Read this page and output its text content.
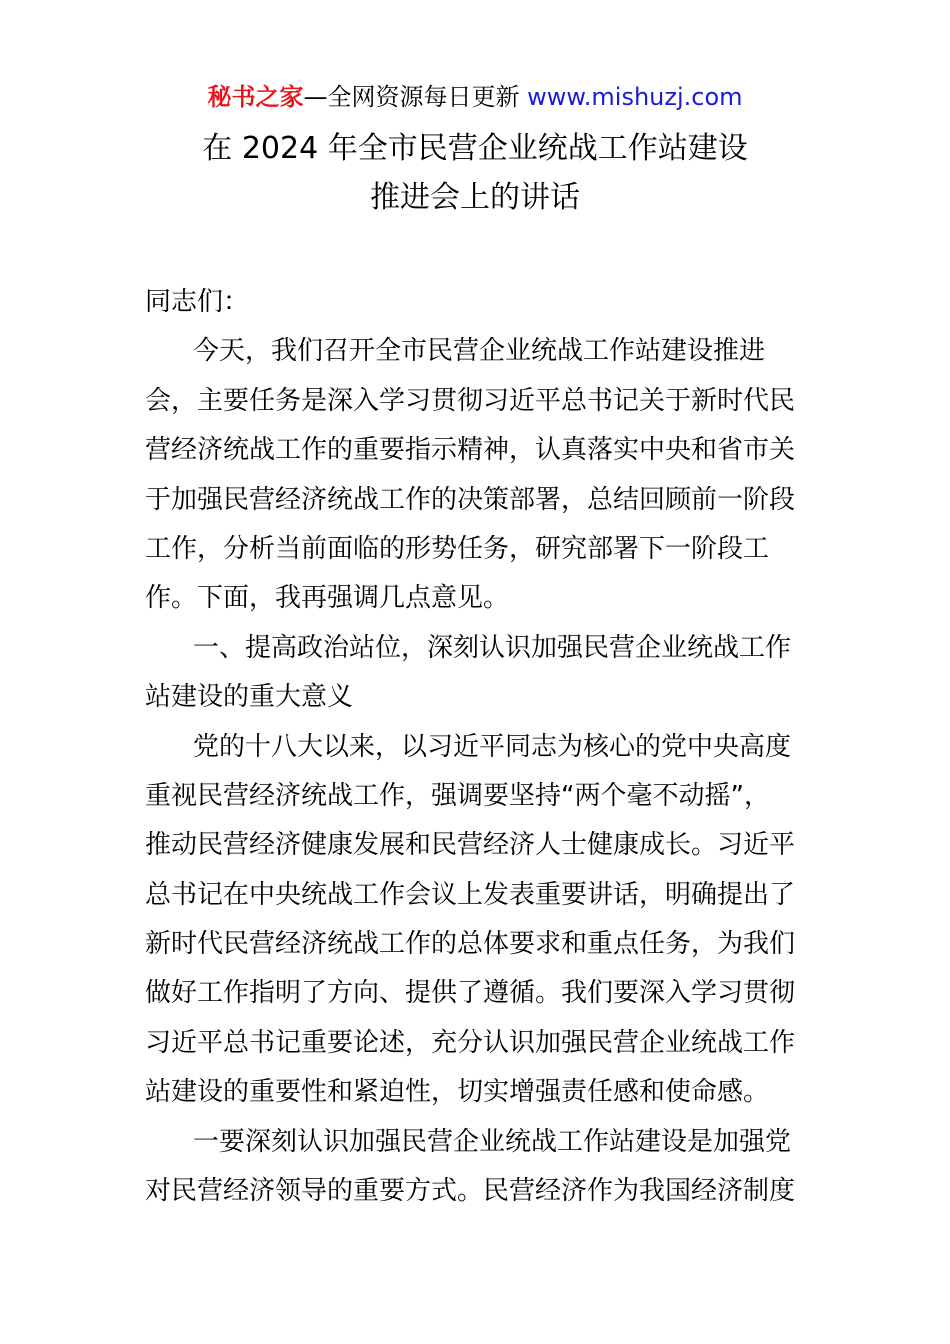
秘书之家—全网资源每日更新 www.mishuzj.com
在 2024 年全市民营企业统战工作站建设
推进会上的讲话
同志们：
今天，我们召开全市民营企业统战工作站建设推进
会，主要任务是深入学习贯彻习近平总书记关于新时代民
营经济统战工作的重要指示精神，认真落实中央和省市关
于加强民营经济统战工作的决策部署，总结回顾前一阶段
工作，分析当前面临的形势任务，研究部署下一阶段工
作。下面，我再强调几点意见。
一、提高政治站位，深刻认识加强民营企业统战工作
站建设的重大意义
党的十八大以来，以习近平同志为核心的党中央高度
重视民营经济统战工作，强调要坚持“两个毫不动摇”，
推动民营经济健康发展和民营经济人士健康成长。习近平
总书记在中央统战工作会议上发表重要讲话，明确提出了
新时代民营经济统战工作的总体要求和重点任务，为我们
做好工作指明了方向、提供了遵循。我们要深入学习贯彻
习近平总书记重要论述，充分认识加强民营企业统战工作
站建设的重要性和紧迫性，切实增强责任感和使命感。
一要深刻认识加强民营企业统战工作站建设是加强党
对民营经济领导的重要方式。民营经济作为我国经济制度
